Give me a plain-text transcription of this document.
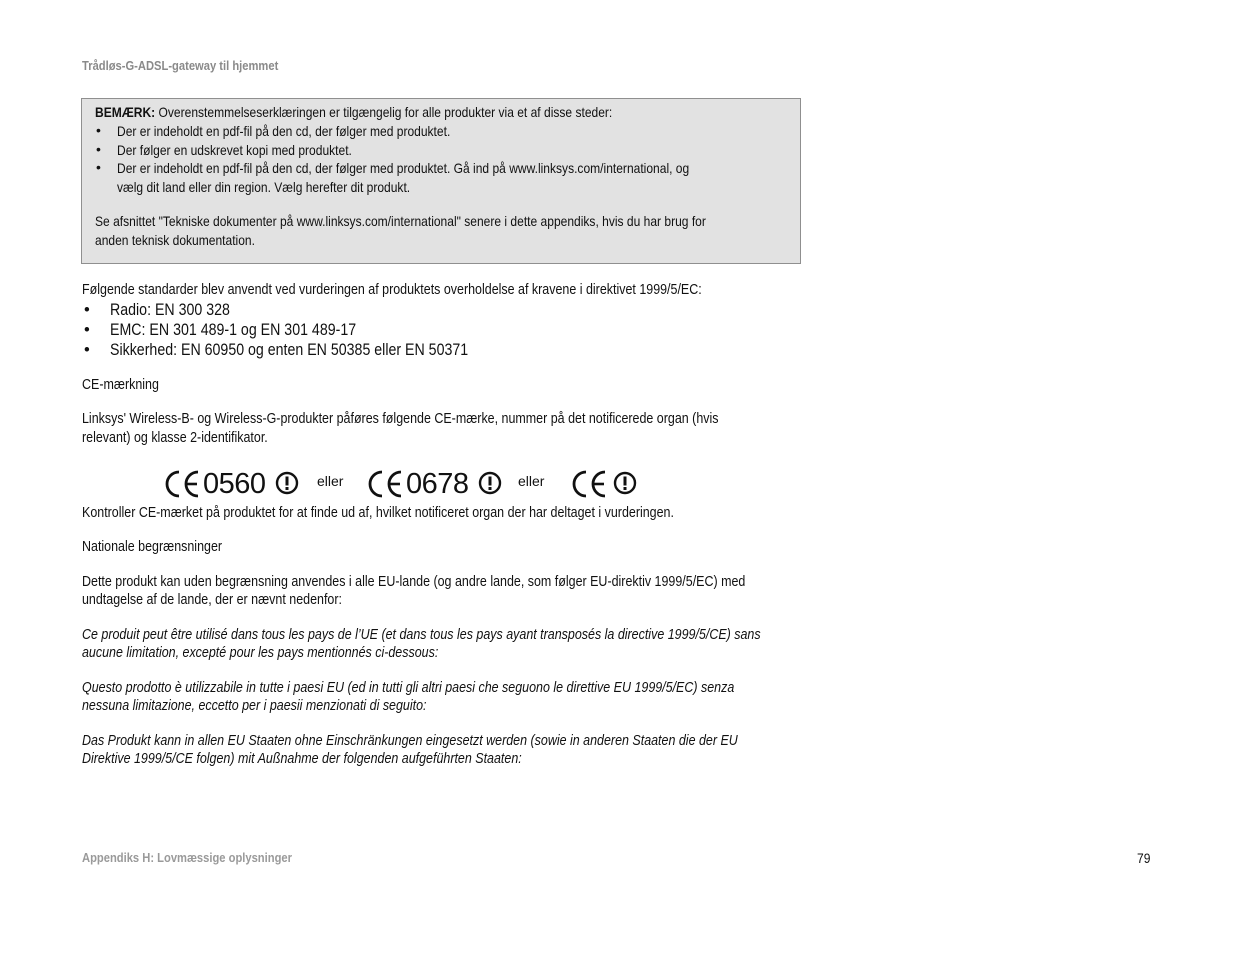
Trådløs-G-ADSL-gateway til hjemmet
BEMÆRK: Overenstemmelseserklæringen er tilgængelig for alle produkter via et af disse steder:
• Der er indeholdt en pdf-fil på den cd, der følger med produktet.
• Der følger en udskrevet kopi med produktet.
• Der er indeholdt en pdf-fil på den cd, der følger med produktet. Gå ind på www.linksys.com/international, og
vælg dit land eller din region. Vælg herefter dit produkt.
Se afsnittet "Tekniske dokumenter på www.linksys.com/international" senere i dette appendiks, hvis du har brug for
anden teknisk dokumentation.
Følgende standarder blev anvendt ved vurderingen af produktets overholdelse af kravene i direktivet 1999/5/EC:
• Radio: EN 300 328
• EMC: EN 301 489-1 og EN 301 489-17
• Sikkerhed: EN 60950 og enten EN 50385 eller EN 50371
CE-mærkning
Linksys' Wireless-B- og Wireless-G-produkter påføres følgende CE-mærke, nummer på det notificerede organ (hvis
relevant) og klasse 2-identifikator.
0560	eller 0678	eller
Kontroller CE-mærket på produktet for at finde ud af, hvilket notificeret organ der har deltaget i vurderingen.
Nationale begrænsninger
Dette produkt kan uden begrænsning anvendes i alle EU-lande (og andre lande, som følger EU-direktiv 1999/5/EC) med
undtagelse af de lande, der er nævnt nedenfor:
Ce produit peut être utilisé dans tous les pays de l’UE (et dans tous les pays ayant transposés la directive 1999/5/CE) sans
aucune limitation, excepté pour les pays mentionnés ci-dessous:
Questo prodotto è utilizzabile in tutte i paesi EU (ed in tutti gli altri paesi che seguono le direttive EU 1999/5/EC) senza
nessuna limitazione, eccetto per i paesii menzionati di seguito:
Das Produkt kann in allen EU Staaten ohne Einschränkungen eingesetzt werden (sowie in anderen Staaten die der EU
Direktive 1999/5/CE folgen) mit Außnahme der folgenden aufgeführten Staaten:
Appendiks H: Lovmæssige oplysninger	79
